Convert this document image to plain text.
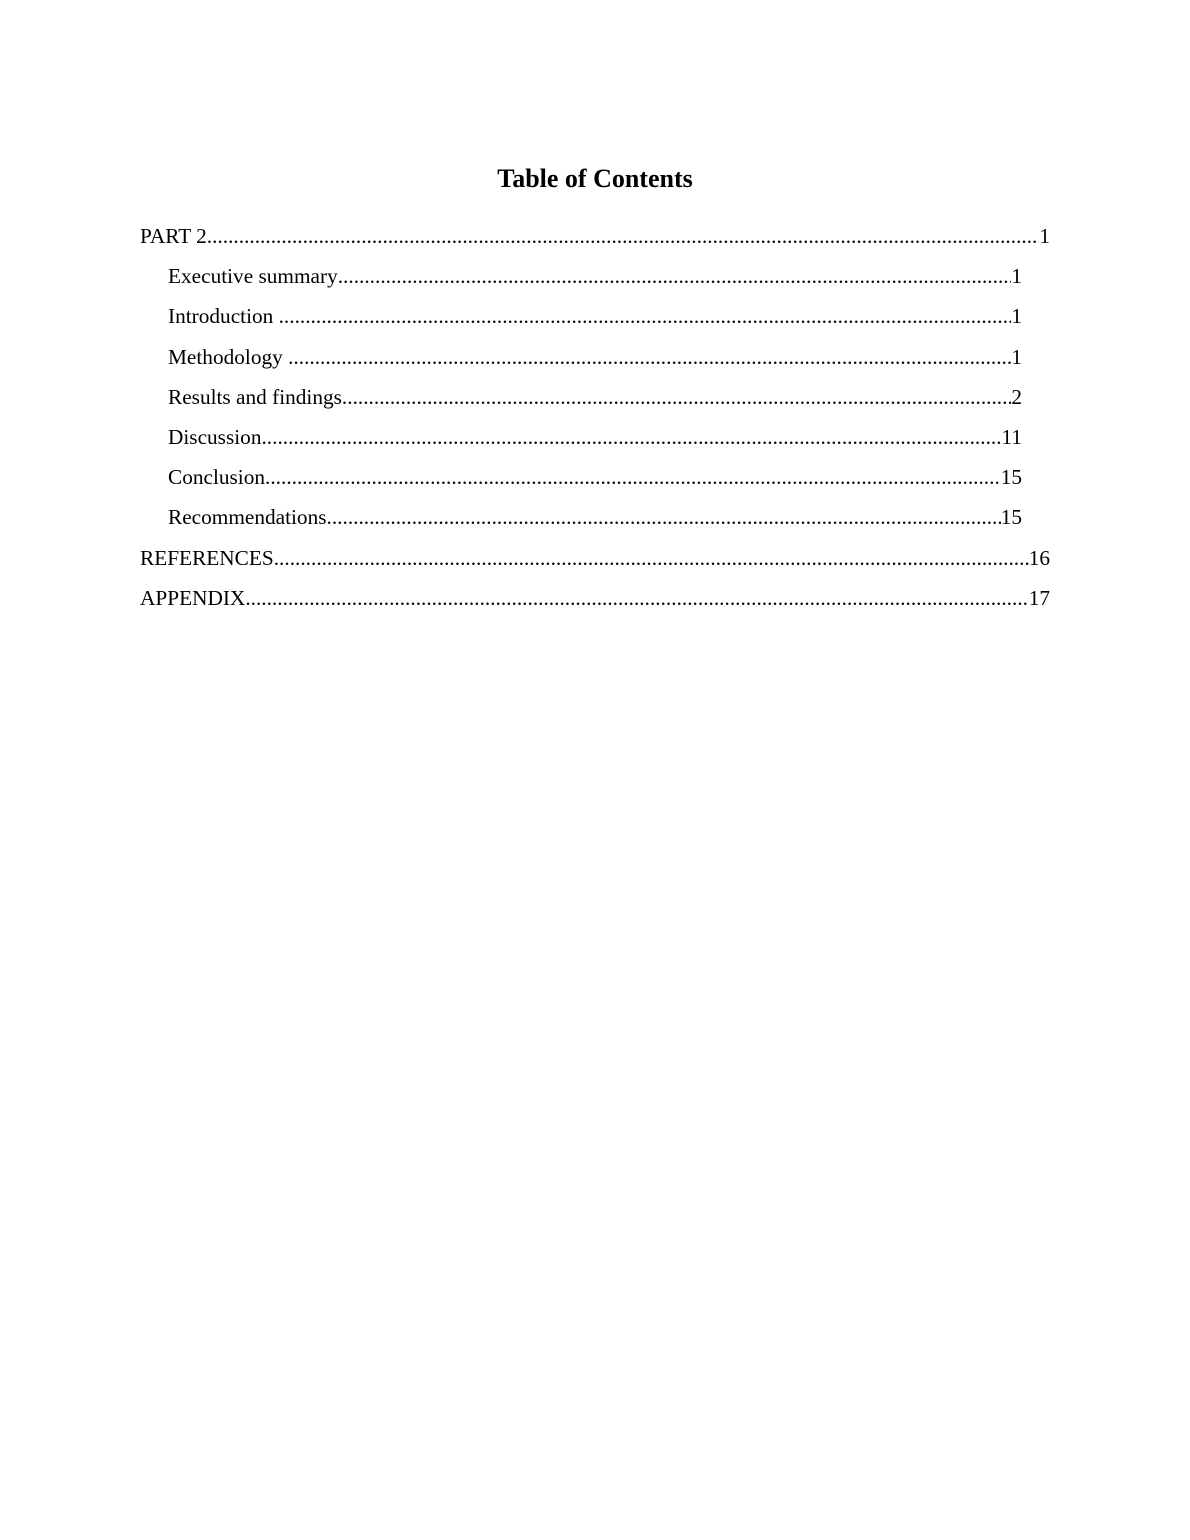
Table of Contents
PART 2 .....	1
Executive summary .....	1
Introduction .....	1
Methodology .....	1
Results and findings .....	2
Discussion .....	11
Conclusion .....	15
Recommendations .....	15
REFERENCES .....	16
APPENDIX .....	17
